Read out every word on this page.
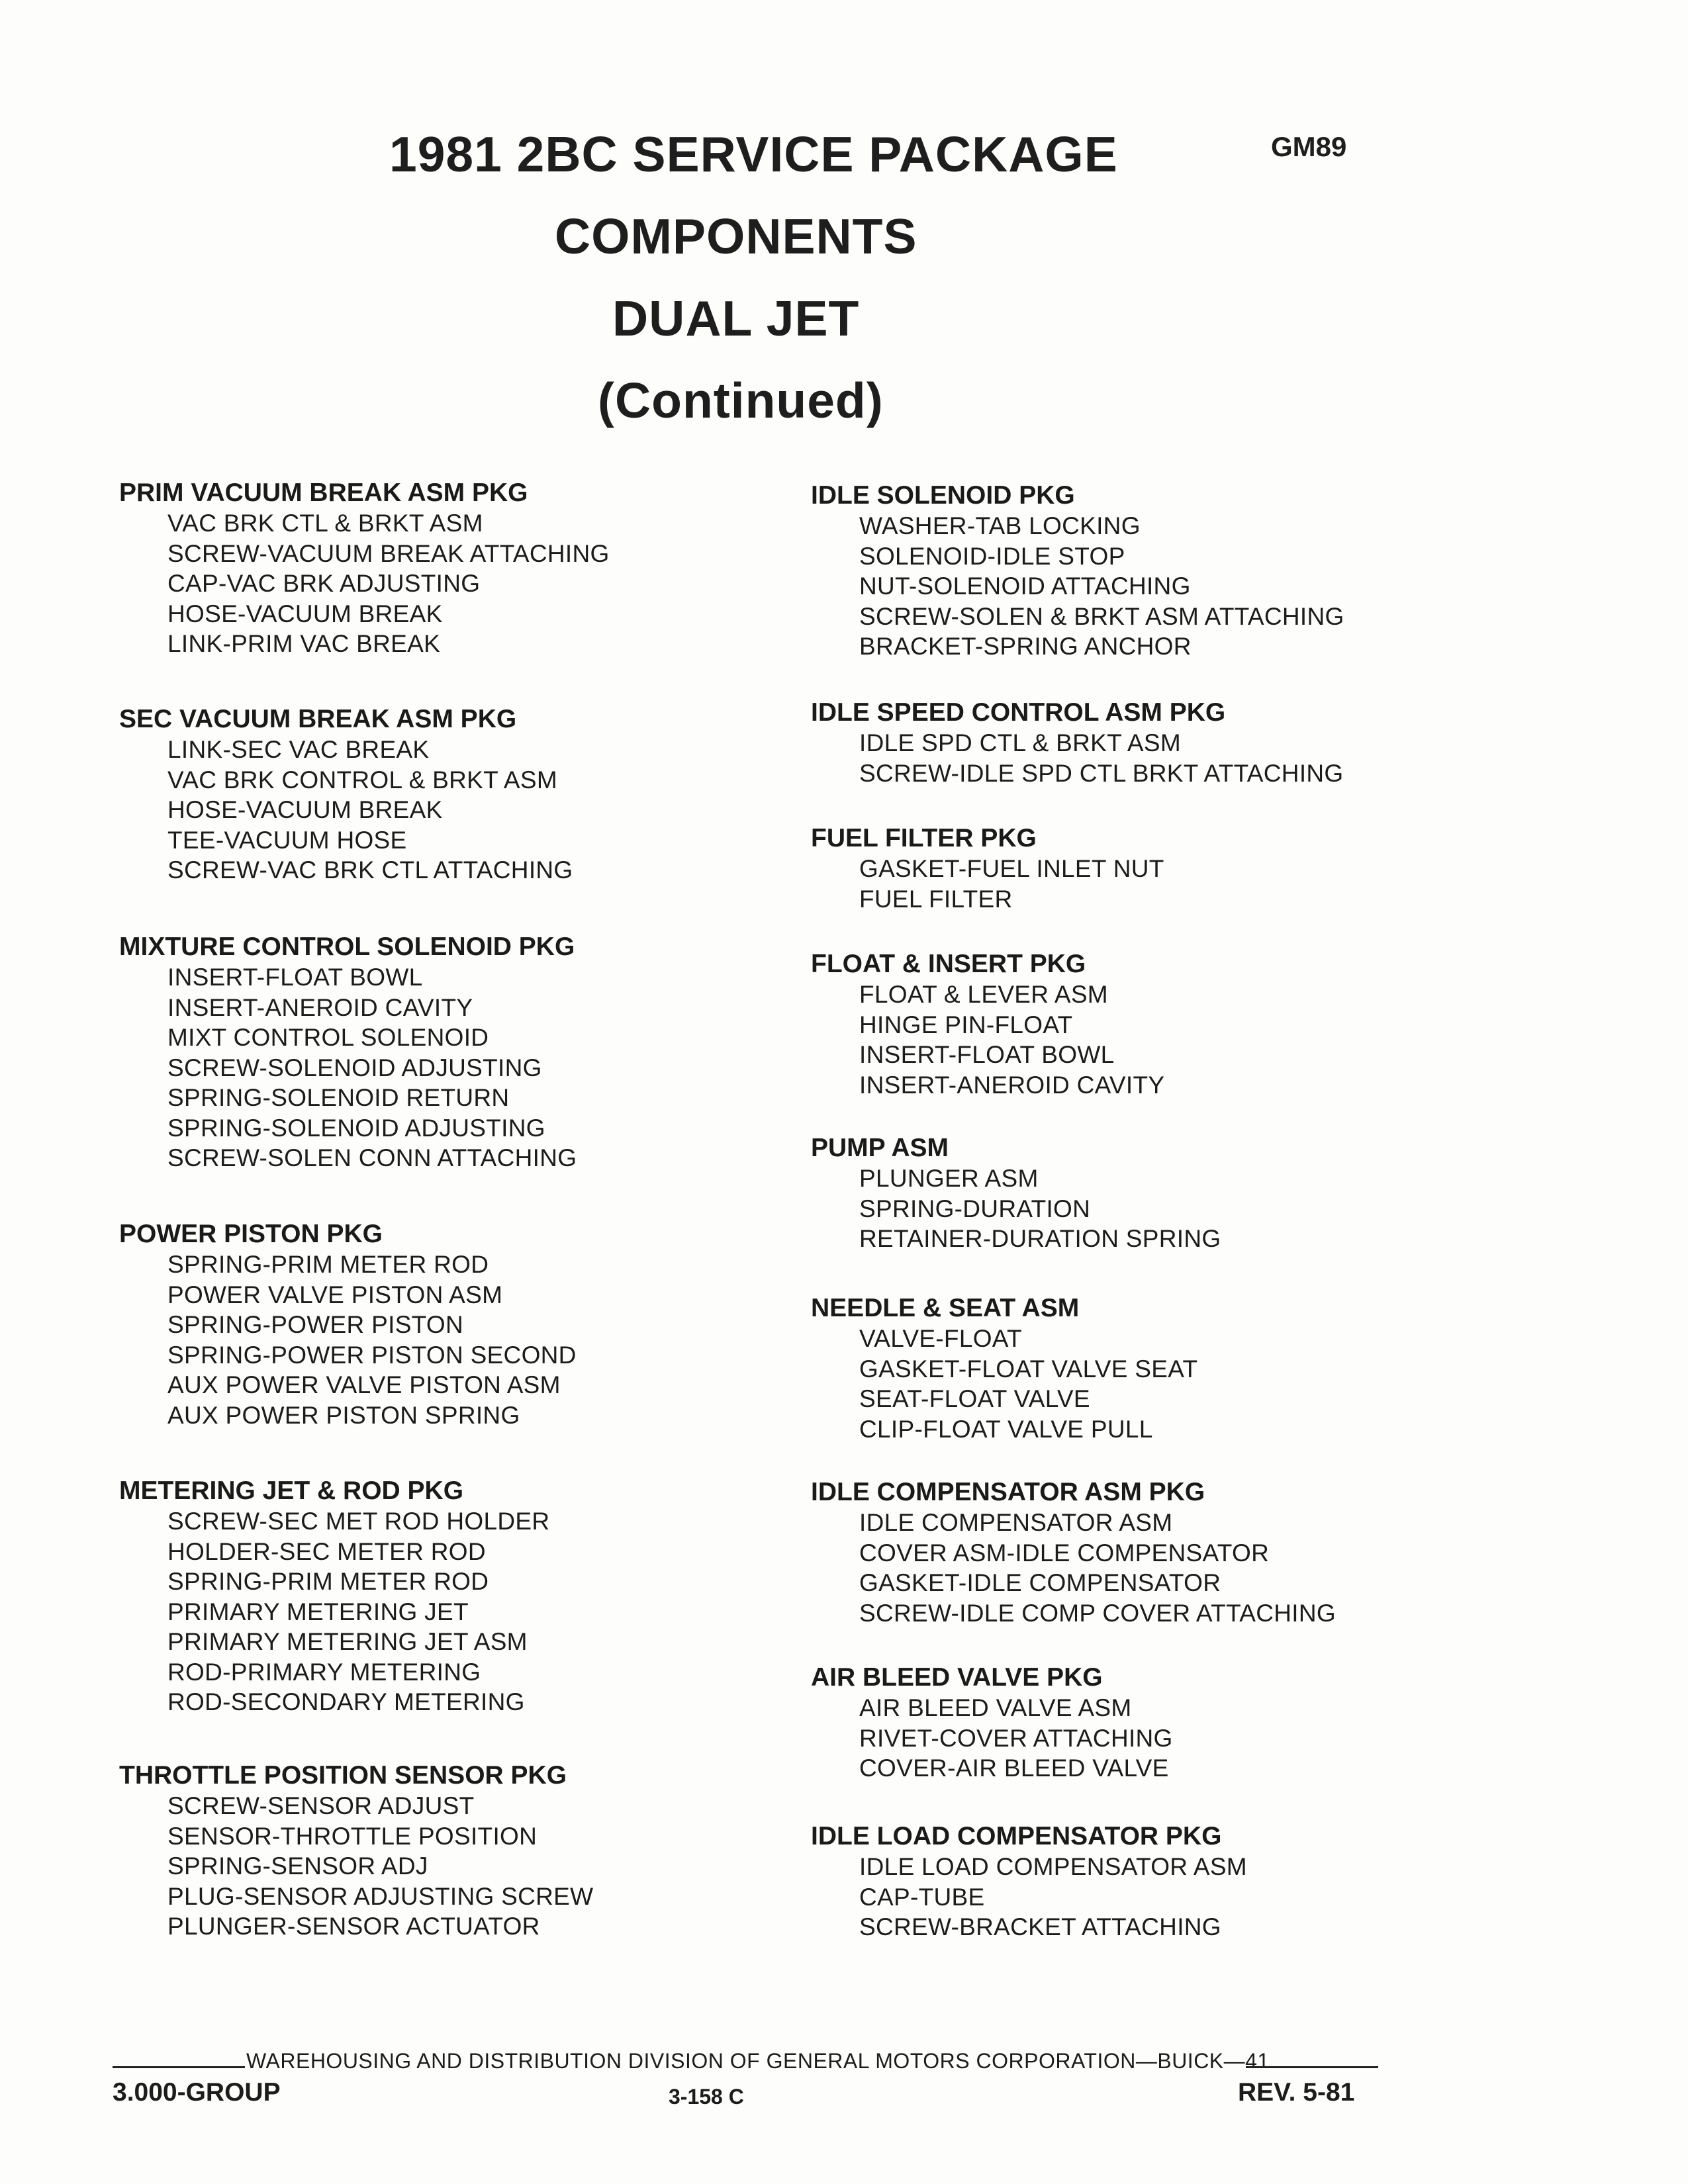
1981 2BC SERVICE PACKAGE
COMPONENTS
DUAL JET
(Continued)
GM89
PRIM VACUUM BREAK ASM PKG
VAC BRK CTL & BRKT ASM
SCREW-VACUUM BREAK ATTACHING
CAP-VAC BRK ADJUSTING
HOSE-VACUUM BREAK
LINK-PRIM VAC BREAK
SEC VACUUM BREAK ASM PKG
LINK-SEC VAC BREAK
VAC BRK CONTROL & BRKT ASM
HOSE-VACUUM BREAK
TEE-VACUUM HOSE
SCREW-VAC BRK CTL ATTACHING
MIXTURE CONTROL SOLENOID PKG
INSERT-FLOAT BOWL
INSERT-ANEROID CAVITY
MIXT CONTROL SOLENOID
SCREW-SOLENOID ADJUSTING
SPRING-SOLENOID RETURN
SPRING-SOLENOID ADJUSTING
SCREW-SOLEN CONN ATTACHING
POWER PISTON PKG
SPRING-PRIM METER ROD
POWER VALVE PISTON ASM
SPRING-POWER PISTON
SPRING-POWER PISTON SECOND
AUX POWER VALVE PISTON ASM
AUX POWER PISTON SPRING
METERING JET & ROD PKG
SCREW-SEC MET ROD HOLDER
HOLDER-SEC METER ROD
SPRING-PRIM METER ROD
PRIMARY METERING JET
PRIMARY METERING JET ASM
ROD-PRIMARY METERING
ROD-SECONDARY METERING
THROTTLE POSITION SENSOR PKG
SCREW-SENSOR ADJUST
SENSOR-THROTTLE POSITION
SPRING-SENSOR ADJ
PLUG-SENSOR ADJUSTING SCREW
PLUNGER-SENSOR ACTUATOR
IDLE SOLENOID PKG
WASHER-TAB LOCKING
SOLENOID-IDLE STOP
NUT-SOLENOID ATTACHING
SCREW-SOLEN & BRKT ASM ATTACHING
BRACKET-SPRING ANCHOR
IDLE SPEED CONTROL ASM PKG
IDLE SPD CTL & BRKT ASM
SCREW-IDLE SPD CTL BRKT ATTACHING
FUEL FILTER PKG
GASKET-FUEL INLET NUT
FUEL FILTER
FLOAT & INSERT PKG
FLOAT & LEVER ASM
HINGE PIN-FLOAT
INSERT-FLOAT BOWL
INSERT-ANEROID CAVITY
PUMP ASM
PLUNGER ASM
SPRING-DURATION
RETAINER-DURATION SPRING
NEEDLE & SEAT ASM
VALVE-FLOAT
GASKET-FLOAT VALVE SEAT
SEAT-FLOAT VALVE
CLIP-FLOAT VALVE PULL
IDLE COMPENSATOR ASM PKG
IDLE COMPENSATOR ASM
COVER ASM-IDLE COMPENSATOR
GASKET-IDLE COMPENSATOR
SCREW-IDLE COMP COVER ATTACHING
AIR BLEED VALVE PKG
AIR BLEED VALVE ASM
RIVET-COVER ATTACHING
COVER-AIR BLEED VALVE
IDLE LOAD COMPENSATOR PKG
IDLE LOAD COMPENSATOR ASM
CAP-TUBE
SCREW-BRACKET ATTACHING
WAREHOUSING AND DISTRIBUTION DIVISION OF GENERAL MOTORS CORPORATION—BUICK—41
3.000-GROUP	3-158 C	REV. 5-81
